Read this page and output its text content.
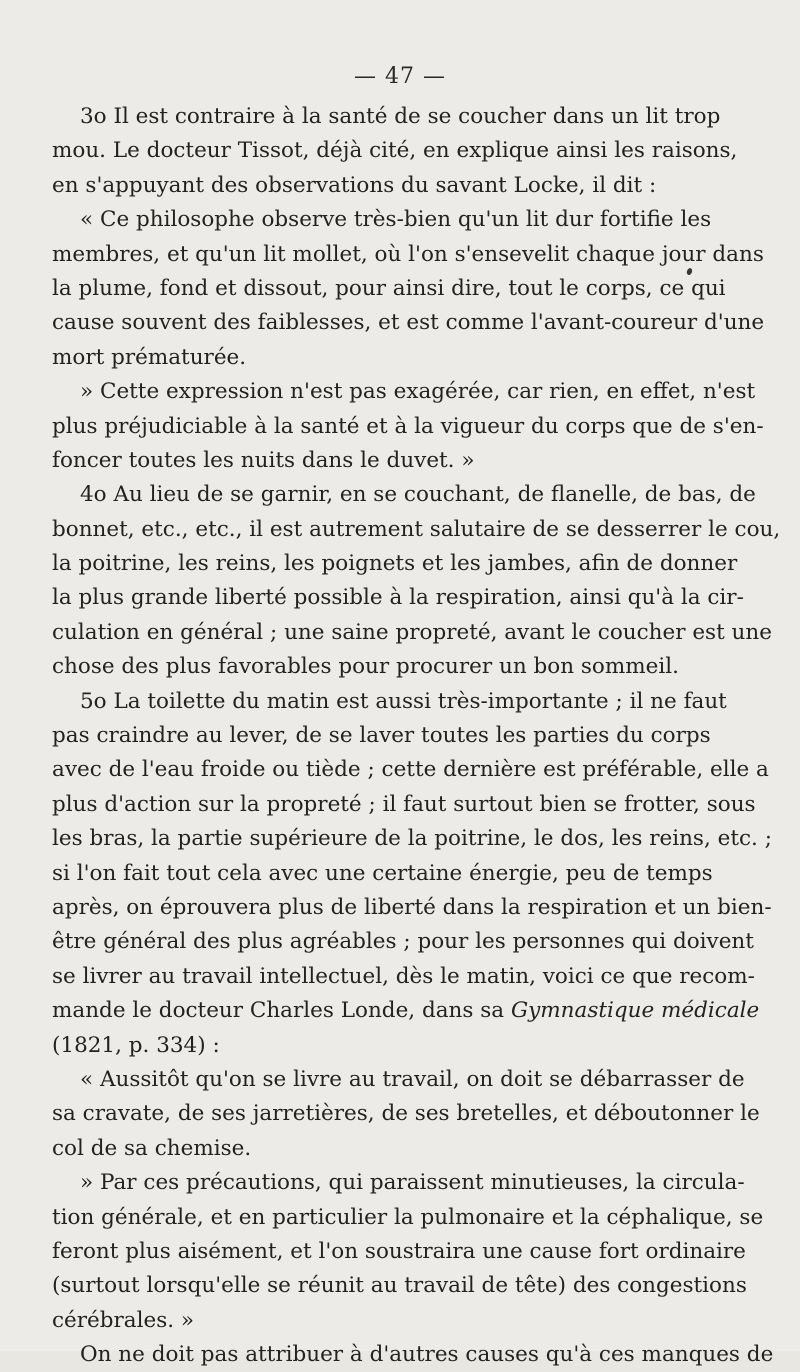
— 47 —
3o Il est contraire à la santé de se coucher dans un lit trop
mou. Le docteur Tissot, déjà cité, en explique ainsi les raisons,
en s'appuyant des observations du savant Locke, il dit :
« Ce philosophe observe très-bien qu'un lit dur fortifie les
membres, et qu'un lit mollet, où l'on s'ensevelit chaque jour dans
la plume, fond et dissout, pour ainsi dire, tout le corps, ce qui
cause souvent des faiblesses, et est comme l'avant-coureur d'une
mort prématurée.
» Cette expression n'est pas exagérée, car rien, en effet, n'est
plus préjudiciable à la santé et à la vigueur du corps que de s'en-
foncer toutes les nuits dans le duvet. »
4o Au lieu de se garnir, en se couchant, de flanelle, de bas, de
bonnet, etc., etc., il est autrement salutaire de se desserrer le cou,
la poitrine, les reins, les poignets et les jambes, afin de donner
la plus grande liberté possible à la respiration, ainsi qu'à la cir-
culation en général ; une saine propreté, avant le coucher est une
chose des plus favorables pour procurer un bon sommeil.
5o La toilette du matin est aussi très-importante ; il ne faut
pas craindre au lever, de se laver toutes les parties du corps
avec de l'eau froide ou tiède ; cette dernière est préférable, elle a
plus d'action sur la propreté ; il faut surtout bien se frotter, sous
les bras, la partie supérieure de la poitrine, le dos, les reins, etc. ;
si l'on fait tout cela avec une certaine énergie, peu de temps
après, on éprouvera plus de liberté dans la respiration et un bien-
être général des plus agréables ; pour les personnes qui doivent
se livrer au travail intellectuel, dès le matin, voici ce que recom-
mande le docteur Charles Londe, dans sa Gymnastique médicale
(1821, p. 334) :
« Aussitôt qu'on se livre au travail, on doit se débarrasser de
sa cravate, de ses jarretières, de ses bretelles, et déboutonner le
col de sa chemise.
» Par ces précautions, qui paraissent minutieuses, la circula-
tion générale, et en particulier la pulmonaire et la céphalique, se
feront plus aisément, et l'on soustraira une cause fort ordinaire
(surtout lorsqu'elle se réunit au travail de tête) des congestions
cérébrales. »
On ne doit pas attribuer à d'autres causes qu'à ces manques de
